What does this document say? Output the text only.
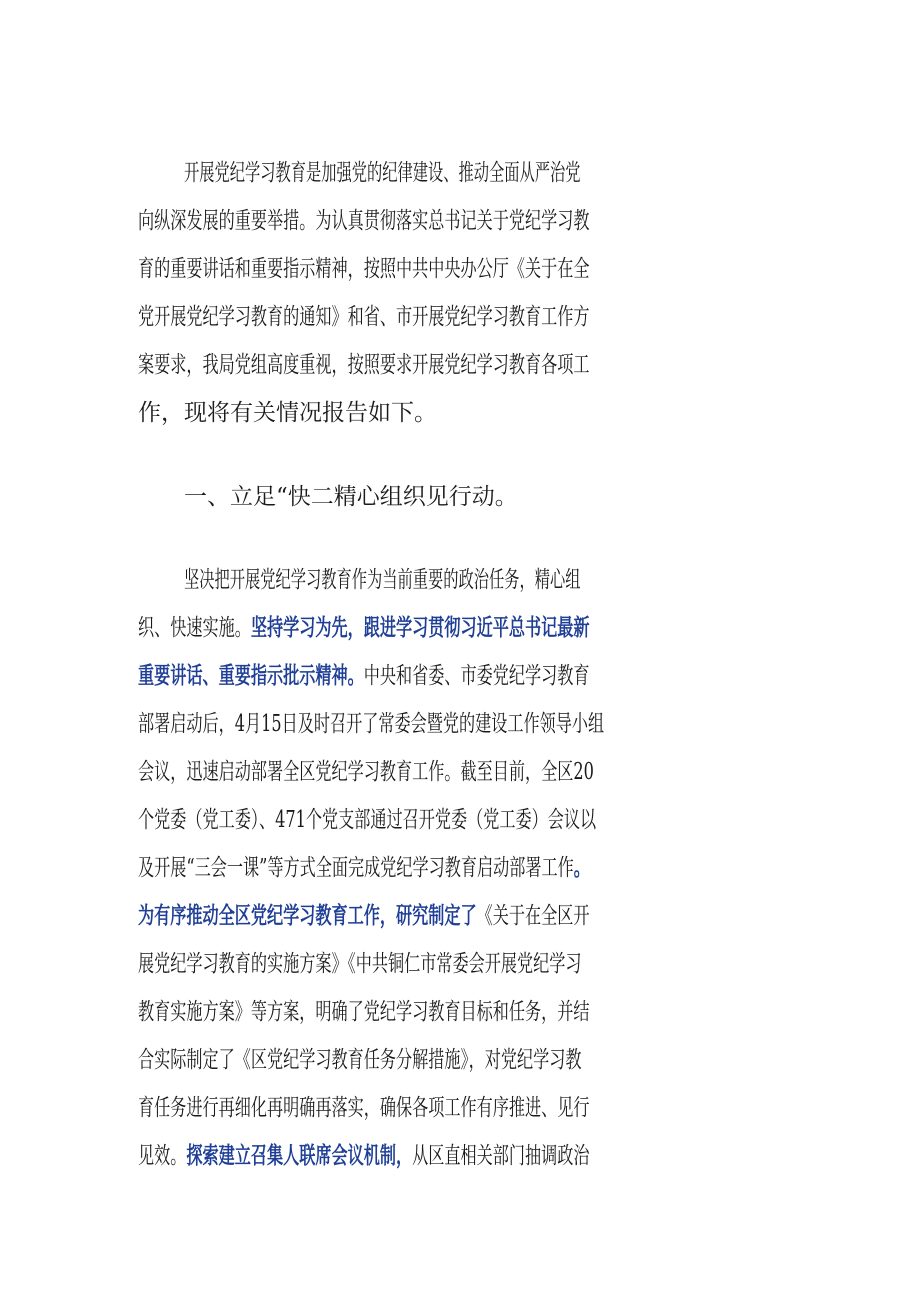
开展党纪学习教育是加强党的纪律建设、推动全面从严治党
向纵深发展的重要举措。为认真贯彻落实总书记关于党纪学习教
育的重要讲话和重要指示精神，按照中共中央办公厅《关于在全
党开展党纪学习教育的通知》和省、市开展党纪学习教育工作方
案要求，我局党组高度重视，按照要求开展党纪学习教育各项工
作，现将有关情况报告如下。
一、立足“快二精心组织见行动。
坚决把开展党纪学习教育作为当前重要的政治任务，精心组
织、快速实施。坚持学习为先，跟进学习贯彻习近平总书记最新
重要讲话、重要指示批示精神。中央和省委、市委党纪学习教育
部署启动后，4月15日及时召开了常委会暨党的建设工作领导小组
会议，迅速启动部署全区党纪学习教育工作。截至目前，全区20
个党委（党工委）、471个党支部通过召开党委（党工委）会议以
及开展“三会一课”等方式全面完成党纪学习教育启动部署工作。
为有序推动全区党纪学习教育工作，研究制定了《关于在全区开
展党纪学习教育的实施方案》《中共铜仁市常委会开展党纪学习
教育实施方案》等方案，明确了党纪学习教育目标和任务，并结
合实际制定了《区党纪学习教育任务分解措施》，对党纪学习教
育任务进行再细化再明确再落实，确保各项工作有序推进、见行
见效。探索建立召集人联席会议机制，从区直相关部门抽调政治
